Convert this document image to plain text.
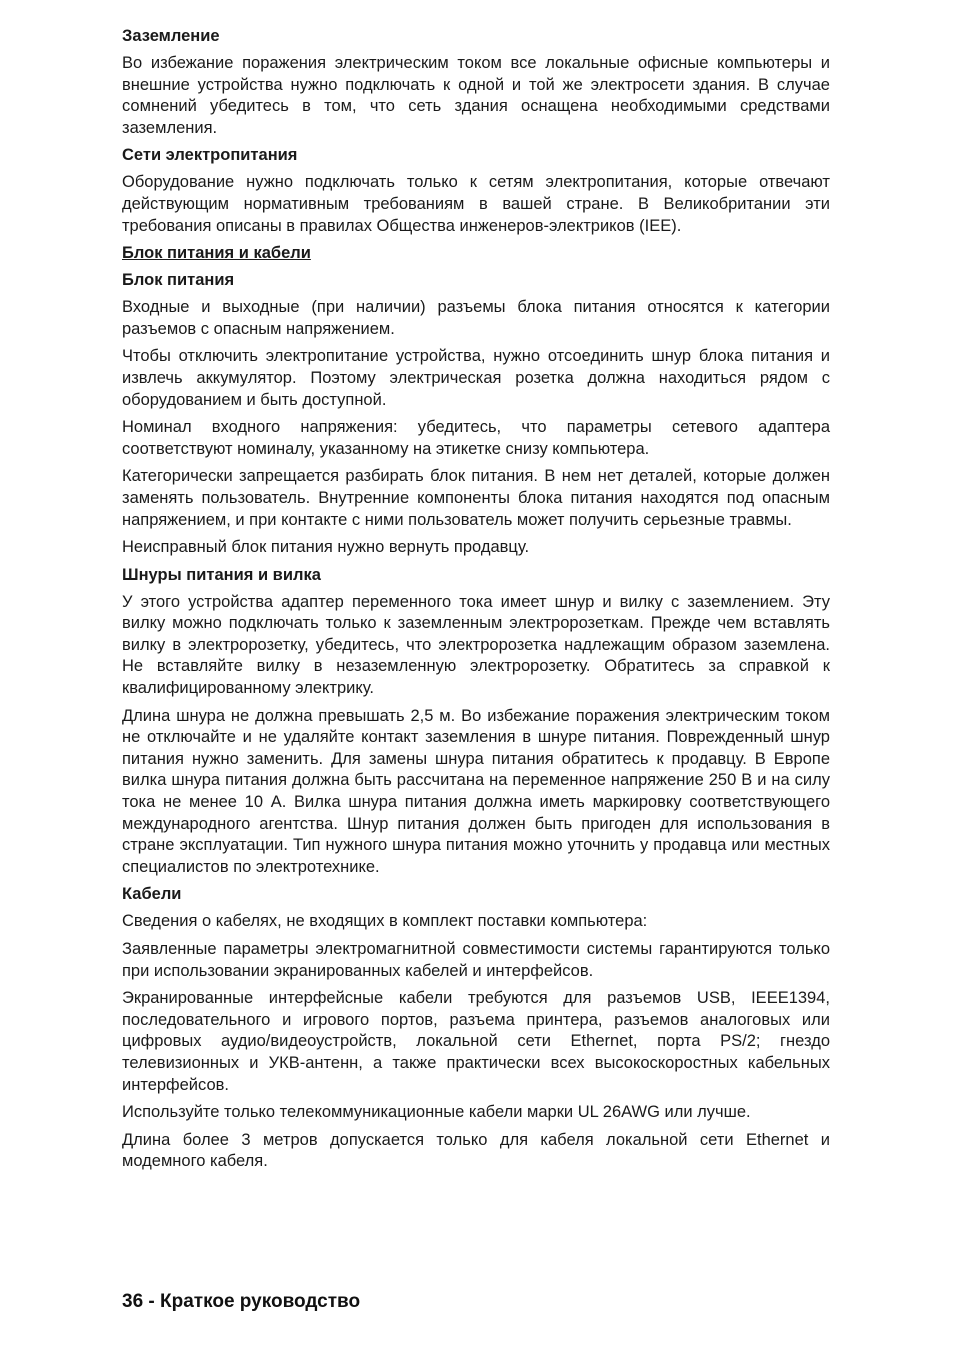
Заземление

Во избежание поражения электрическим током все локальные офисные компьютеры и внешние устройства нужно подключать к одной и той же электросети здания. В случае сомнений убедитесь в том, что сеть здания оснащена необходимыми средствами заземления.

Сети электропитания

Оборудование нужно подключать только к сетям электропитания, которые отвечают действующим нормативным требованиям в вашей стране. В Великобритании эти требования описаны в правилах Общества инженеров-электриков (IEE).

Блок питания и кабели
Блок питания

Входные и выходные (при наличии) разъемы блока питания относятся к категории разъемов с опасным напряжением.

Чтобы отключить электропитание устройства, нужно отсоединить шнур блока питания и извлечь аккумулятор. Поэтому электрическая розетка должна находиться рядом с оборудованием и быть доступной.

Номинал входного напряжения: убедитесь, что параметры сетевого адаптера соответствуют номиналу, указанному на этикетке снизу компьютера.

Категорически запрещается разбирать блок питания. В нем нет деталей, которые должен заменять пользователь. Внутренние компоненты блока питания находятся под опасным напряжением, и при контакте с ними пользователь может получить серьезные травмы.

Неисправный блок питания нужно вернуть продавцу.

Шнуры питания и вилка

У этого устройства адаптер переменного тока имеет шнур и вилку с заземлением. Эту вилку можно подключать только к заземленным электророзеткам. Прежде чем вставлять вилку в электророзетку, убедитесь, что электророзетка надлежащим образом заземлена. Не вставляйте вилку в незаземленную электророзетку. Обратитесь за справкой к квалифицированному электрику.

Длина шнура не должна превышать 2,5 м. Во избежание поражения электрическим током не отключайте и не удаляйте контакт заземления в шнуре питания. Поврежденный шнур питания нужно заменить. Для замены шнура питания обратитесь к продавцу. В Европе вилка шнура питания должна быть рассчитана на переменное напряжение 250 В и на силу тока не менее 10 А. Вилка шнура питания должна иметь маркировку соответствующего международного агентства. Шнур питания должен быть пригоден для использования в стране эксплуатации. Тип нужного шнура питания можно уточнить у продавца или местных специалистов по электротехнике.

Кабели

Сведения о кабелях, не входящих в комплект поставки компьютера:

Заявленные параметры электромагнитной совместимости системы гарантируются только при использовании экранированных кабелей и интерфейсов.

Экранированные интерфейсные кабели требуются для разъемов USB, IEEE1394, последовательного и игрового портов, разъема принтера, разъемов аналоговых или цифровых аудио/видеоустройств, локальной сети Ethernet, порта PS/2; гнездо телевизионных и УКВ-антенн, а также практически всех высокоскоростных кабельных интерфейсов.

Используйте только телекоммуникационные кабели марки UL 26AWG или лучше.

Длина более 3 метров допускается только для кабеля локальной сети Ethernet и модемного кабеля.

36 - Краткое руководство
